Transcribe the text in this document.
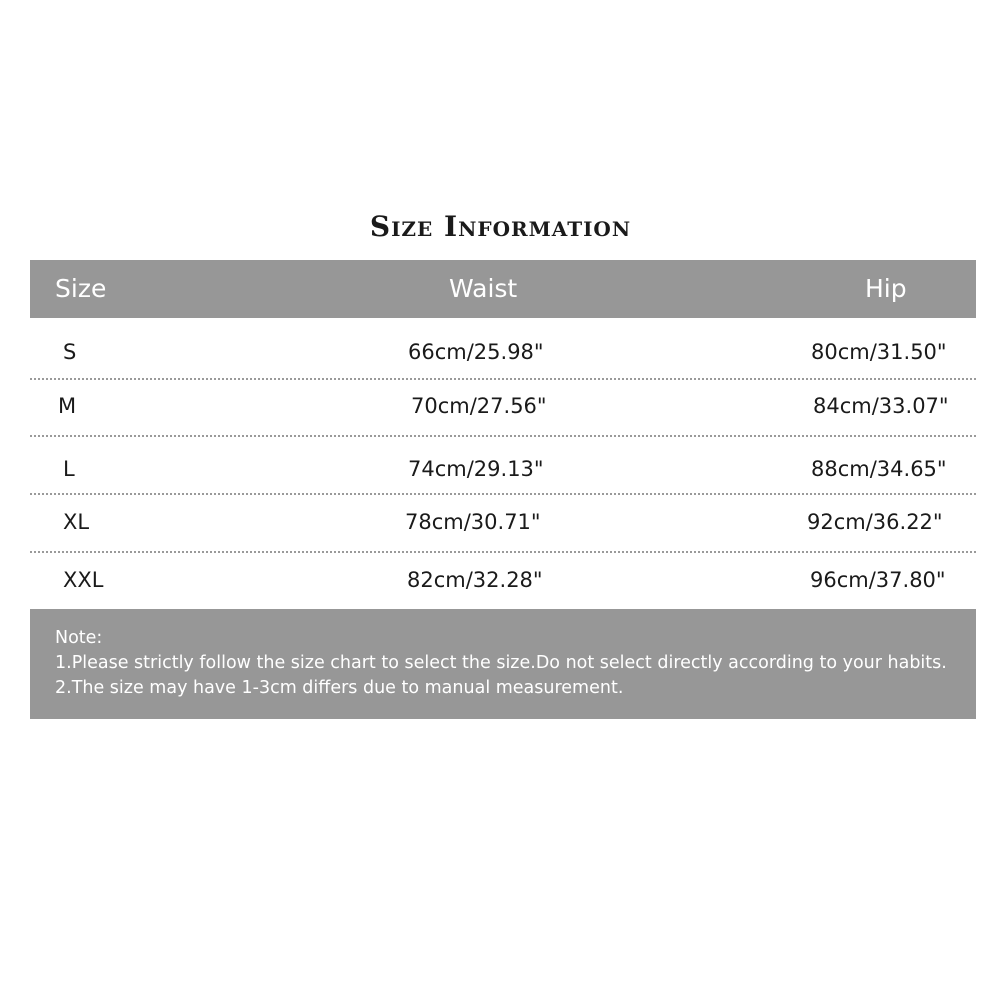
Size Information
Size	Waist	Hip
S	66cm/25.98"	80cm/31.50"
M	70cm/27.56"	84cm/33.07"
L	74cm/29.13"	88cm/34.65"
XL	78cm/30.71"	92cm/36.22"
XXL	82cm/32.28"	96cm/37.80"
Note:
1.Please strictly follow the size chart to select the size.Do not select directly according to your habits.
2.The size may have 1-3cm differs due to manual measurement.
